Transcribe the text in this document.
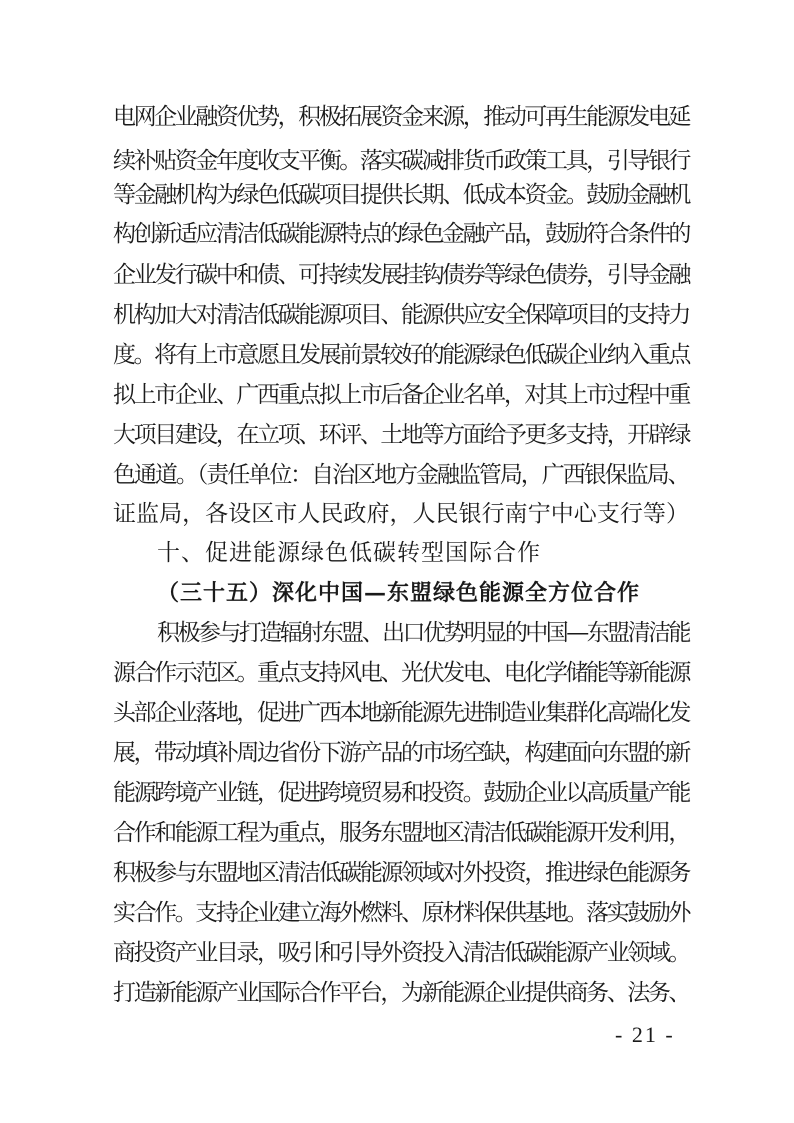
电网企业融资优势，积极拓展资金来源，推动可再生能源发电延
续补贴资金年度收支平衡。落实碳减排货币政策工具，引导银行
等金融机构为绿色低碳项目提供长期、低成本资金。鼓励金融机
构创新适应清洁低碳能源特点的绿色金融产品，鼓励符合条件的
企业发行碳中和债、可持续发展挂钩债券等绿色债券，引导金融
机构加大对清洁低碳能源项目、能源供应安全保障项目的支持力
度。将有上市意愿且发展前景较好的能源绿色低碳企业纳入重点
拟上市企业、广西重点拟上市后备企业名单，对其上市过程中重
大项目建设，在立项、环评、土地等方面给予更多支持，开辟绿
色通道。（责任单位：自治区地方金融监管局，广西银保监局、
证监局，各设区市人民政府，人民银行南宁中心支行等）
十、促进能源绿色低碳转型国际合作
（三十五）深化中国—东盟绿色能源全方位合作
积极参与打造辐射东盟、出口优势明显的中国—东盟清洁能
源合作示范区。重点支持风电、光伏发电、电化学储能等新能源
头部企业落地，促进广西本地新能源先进制造业集群化高端化发
展，带动填补周边省份下游产品的市场空缺，构建面向东盟的新
能源跨境产业链，促进跨境贸易和投资。鼓励企业以高质量产能
合作和能源工程为重点，服务东盟地区清洁低碳能源开发利用，
积极参与东盟地区清洁低碳能源领域对外投资，推进绿色能源务
实合作。支持企业建立海外燃料、原材料保供基地。落实鼓励外
商投资产业目录，吸引和引导外资投入清洁低碳能源产业领域。
打造新能源产业国际合作平台，为新能源企业提供商务、法务、
- 21 -
